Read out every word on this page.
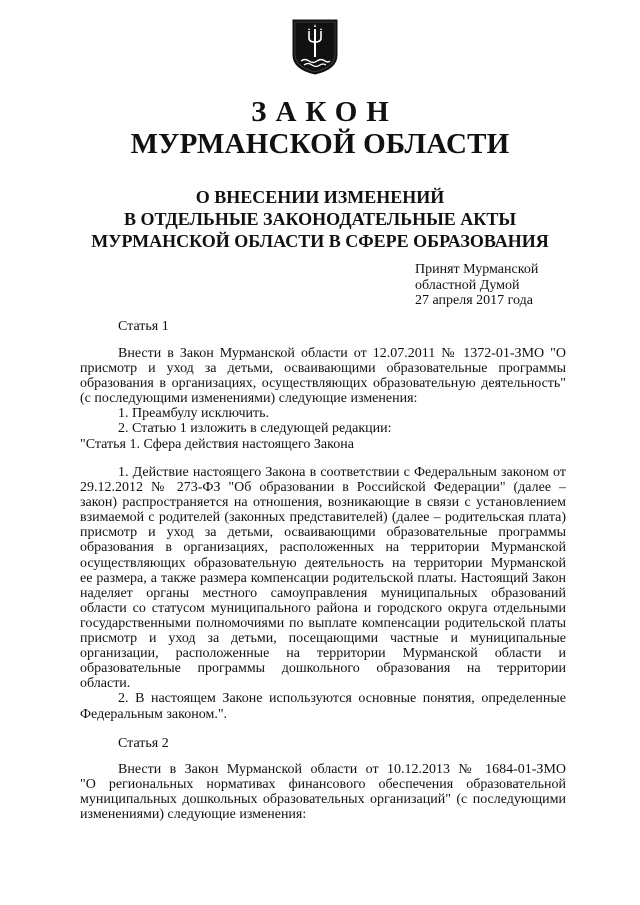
ЗАКОН
МУРМАНСКОЙ ОБЛАСТИ
О ВНЕСЕНИИ ИЗМЕНЕНИЙ
В ОТДЕЛЬНЫЕ ЗАКОНОДАТЕЛЬНЫЕ АКТЫ
МУРМАНСКОЙ ОБЛАСТИ В СФЕРЕ ОБРАЗОВАНИЯ
Принят Мурманской
областной Думой
27 апреля 2017 года
Статья 1
Внести в Закон Мурманской области от 12.07.2011 № 1372-01-ЗМО "О
присмотр и уход за детьми, осваивающими образовательные программы
образования в организациях, осуществляющих образовательную деятельность"
(с последующими изменениями) следующие изменения:
1. Преамбулу исключить.
2. Статью 1 изложить в следующей редакции:
"Статья 1. Сфера действия настоящего Закона
1. Действие настоящего Закона в соответствии с Федеральным законом от
29.12.2012 № 273-ФЗ "Об образовании в Российской Федерации" (далее –
закон) распространяется на отношения, возникающие в связи с установлением
взимаемой с родителей (законных представителей) (далее – родительская плата)
присмотр и уход за детьми, осваивающими образовательные программы
образования в организациях, расположенных на территории Мурманской
осуществляющих образовательную деятельность на территории Мурманской
ее размера, а также размера компенсации родительской платы. Настоящий Закон
наделяет органы местного самоуправления муниципальных образований
области со статусом муниципального района и городского округа отдельными
государственными полномочиями по выплате компенсации родительской платы
присмотр и уход за детьми, посещающими частные и муниципальные
организации, расположенные на территории Мурманской области и
образовательные программы дошкольного образования на территории
области.
2. В настоящем Законе используются основные понятия, определенные
Федеральным законом.".
Статья 2
Внести в Закон Мурманской области от 10.12.2013 № 1684-01-ЗМО
"О региональных нормативах финансового обеспечения образовательной
муниципальных дошкольных образовательных организаций" (с последующими
изменениями) следующие изменения:
